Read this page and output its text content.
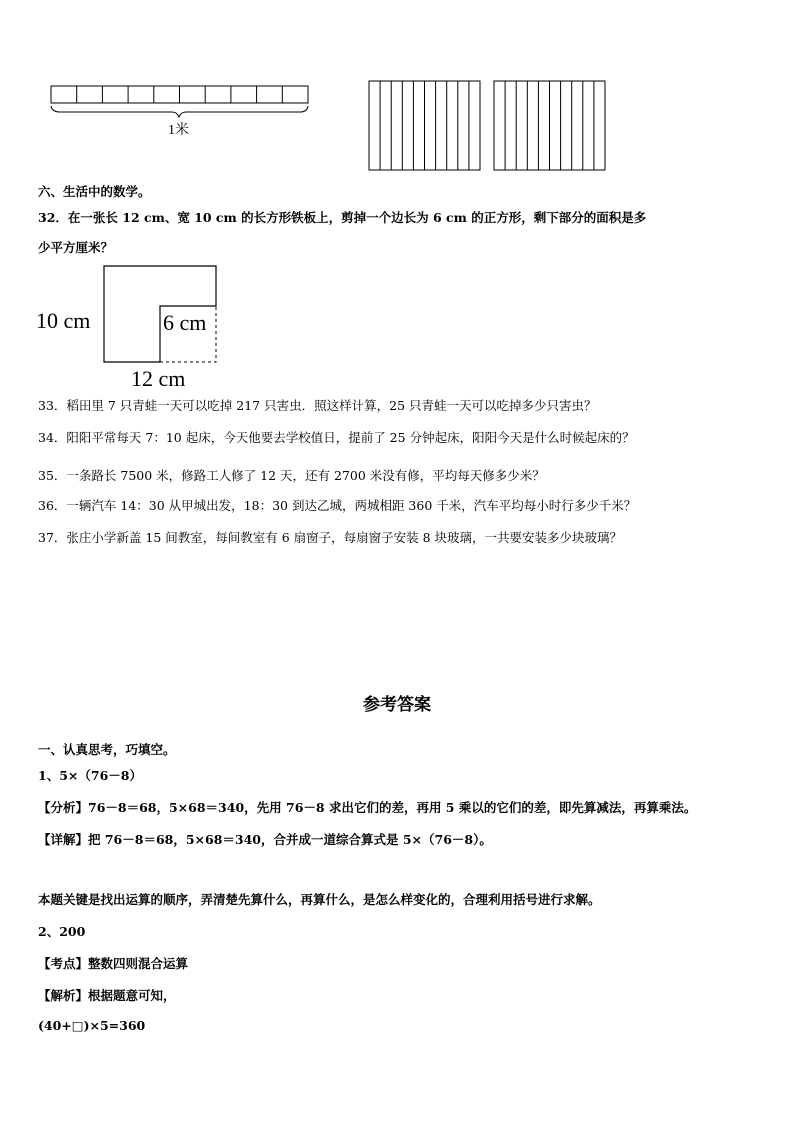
1米
六、生活中的数学。
32．在一张长 12 cm、宽 10 cm 的长方形铁板上，剪掉一个边长为 6 cm 的正方形，剩下部分的面积是多
少平方厘米？
10 cm	6 cm
12 cm
33．稻田里 7 只青蛙一天可以吃掉 217 只害虫．照这样计算，25 只青蛙一天可以吃掉多少只害虫？
34．阳阳平常每天 7：10 起床，今天他要去学校值日，提前了 25 分钟起床，阳阳今天是什么时候起床的？
35．一条路长 7500 米，修路工人修了 12 天，还有 2700 米没有修，平均每天修多少米？
36．一辆汽车 14：30 从甲城出发，18：30 到达乙城，两城相距 360 千米，汽车平均每小时行多少千米？
37．张庄小学新盖 15 间教室，每间教室有 6 扇窗子，每扇窗子安装 8 块玻璃，一共要安装多少块玻璃？
参考答案
一、认真思考，巧填空。
1、5×（76－8）
【分析】76－8＝68，5×68＝340，先用 76－8 求出它们的差，再用 5 乘以的它们的差，即先算减法，再算乘法。
【详解】把 76－8＝68，5×68＝340，合并成一道综合算式是 5×（76－8）。
本题关键是找出运算的顺序，弄清楚先算什么，再算什么，是怎么样变化的，合理利用括号进行求解。
2、200
【考点】整数四则混合运算
【解析】根据题意可知，
(40+□)×5=360
